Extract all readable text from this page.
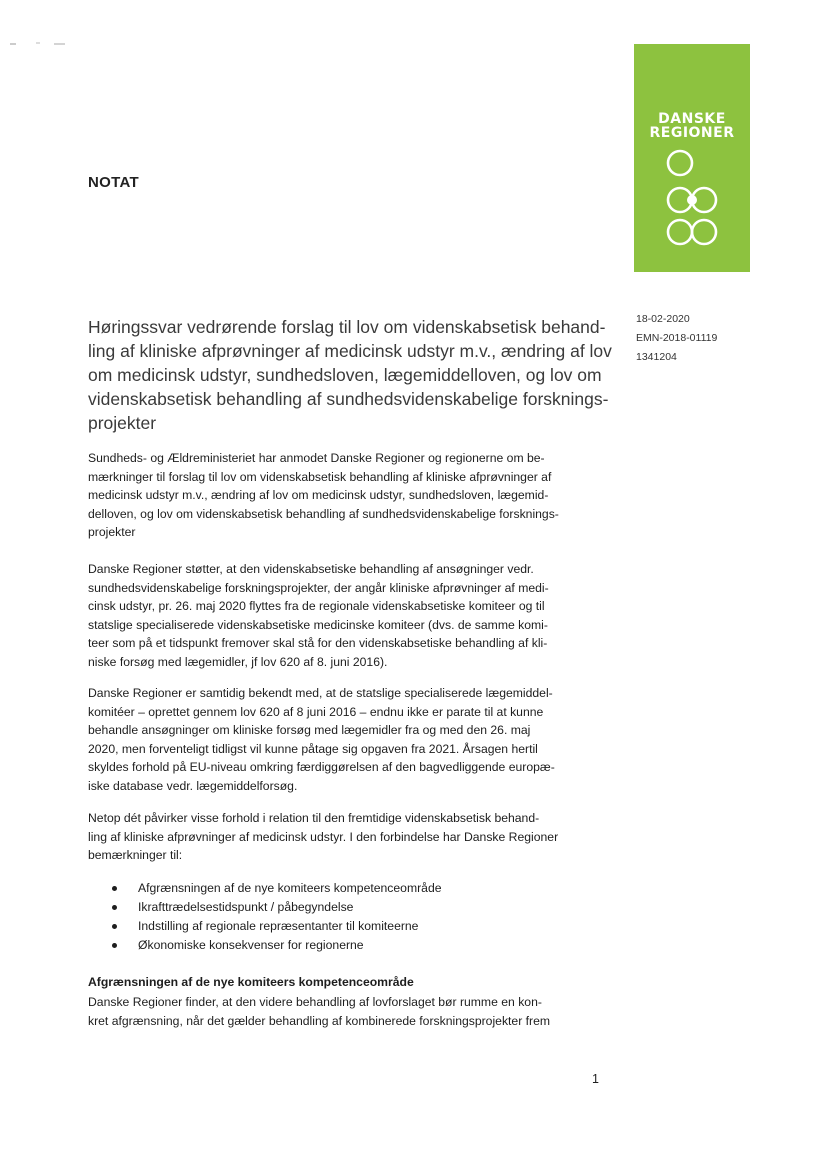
NOTAT
DANSKE
REGIONER
18-02-2020
EMN-2018-01119
1341204
Høringssvar vedrørende forslag til lov om videnskabsetisk behand-
ling af kliniske afprøvninger af medicinsk udstyr m.v., ændring af lov
om medicinsk udstyr, sundhedsloven, lægemiddelloven, og lov om
videnskabsetisk behandling af sundhedsvidenskabelige forsknings-
projekter

Sundheds- og Ældreministeriet har anmodet Danske Regioner og regionerne om be-
mærkninger til forslag til lov om videnskabsetisk behandling af kliniske afprøvninger af
medicinsk udstyr m.v., ændring af lov om medicinsk udstyr, sundhedsloven, lægemid-
delloven, og lov om videnskabsetisk behandling af sundhedsvidenskabelige forsknings-
projekter

Danske Regioner støtter, at den videnskabsetiske behandling af ansøgninger vedr.
sundhedsvidenskabelige forskningsprojekter, der angår kliniske afprøvninger af medi-
cinsk udstyr, pr. 26. maj 2020 flyttes fra de regionale videnskabsetiske komiteer og til
statslige specialiserede videnskabsetiske medicinske komiteer (dvs. de samme komi-
teer som på et tidspunkt fremover skal stå for den videnskabsetiske behandling af kli-
niske forsøg med lægemidler, jf lov 620 af 8. juni 2016).

Danske Regioner er samtidig bekendt med, at de statslige specialiserede lægemiddel-
komitéer – oprettet gennem lov 620 af 8 juni 2016 – endnu ikke er parate til at kunne
behandle ansøgninger om kliniske forsøg med lægemidler fra og med den 26. maj
2020, men forventeligt tidligst vil kunne påtage sig opgaven fra 2021. Årsagen hertil
skyldes forhold på EU-niveau omkring færdiggørelsen af den bagvedliggende europæ-
iske database vedr. lægemiddelforsøg.

Netop dét påvirker visse forhold i relation til den fremtidige videnskabsetisk behand-
ling af kliniske afprøvninger af medicinsk udstyr. I den forbindelse har Danske Regioner
bemærkninger til:

Afgrænsningen af de nye komiteers kompetenceområde
Ikrafttrædelsestidspunkt / påbegyndelse
Indstilling af regionale repræsentanter til komiteerne
Økonomiske konsekvenser for regionerne
Afgrænsningen af de nye komiteers kompetenceområde

Danske Regioner finder, at den videre behandling af lovforslaget bør rumme en kon-
kret afgrænsning, når det gælder behandling af kombinerede forskningsprojekter frem

1
